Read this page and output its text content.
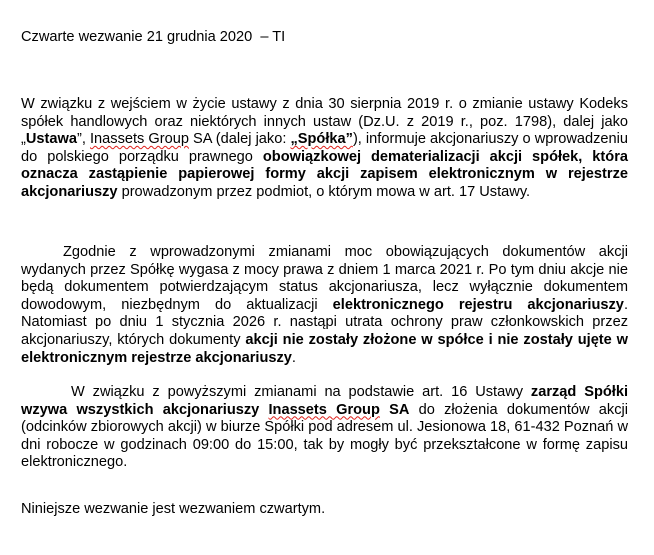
Czwarte wezwanie 21 grudnia 2020  – TI

W związku z wejściem w życie ustawy z dnia 30 sierpnia 2019 r. o zmianie ustawy Kodeks spółek handlowych oraz niektórych innych ustaw (Dz.U. z 2019 r., poz. 1798), dalej jako „Ustawa”, Inassets Group SA (dalej jako: „Spółka”), informuje akcjonariuszy o wprowadzeniu do polskiego porządku prawnego obowiązkowej dematerializacji akcji spółek, która oznacza zastąpienie papierowej formy akcji zapisem elektronicznym w rejestrze akcjonariuszy prowadzonym przez podmiot, o którym mowa w art. 17 Ustawy.

Zgodnie z wprowadzonymi zmianami moc obowiązujących dokumentów akcji wydanych przez Spółkę wygasa z mocy prawa z dniem 1 marca 2021 r. Po tym dniu akcje nie będą dokumentem potwierdzającym status akcjonariusza, lecz wyłącznie dokumentem dowodowym, niezbędnym do aktualizacji elektronicznego rejestru akcjonariuszy. Natomiast po dniu 1 stycznia 2026 r. nastąpi utrata ochrony praw członkowskich przez akcjonariuszy, których dokumenty akcji nie zostały złożone w spółce i nie zostały ujęte w elektronicznym rejestrze akcjonariuszy.

W związku z powyższymi zmianami na podstawie art. 16 Ustawy zarząd Spółki wzywa wszystkich akcjonariuszy Inassets Group SA do złożenia dokumentów akcji (odcinków zbiorowych akcji) w biurze Spółki pod adresem ul. Jesionowa 18, 61-432 Poznań w dni robocze w godzinach 09:00 do 15:00, tak by mogły być przekształcone w formę zapisu elektronicznego.

Niniejsze wezwanie jest wezwaniem czwartym.
